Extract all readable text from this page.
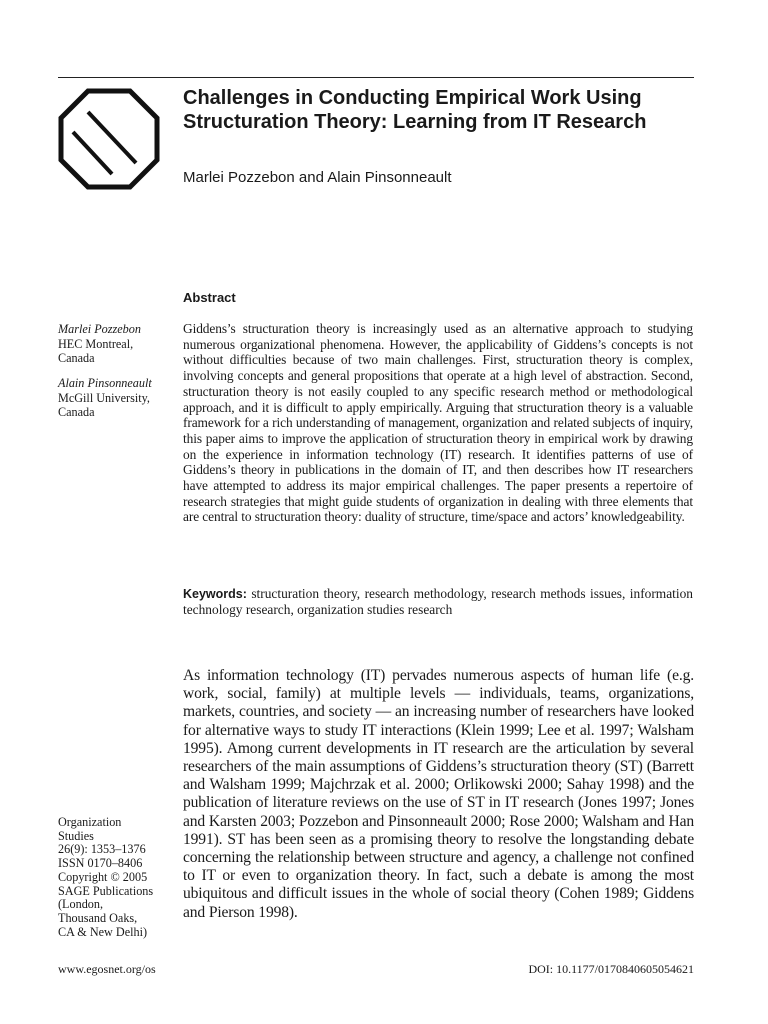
Challenges in Conducting Empirical Work Using Structuration Theory: Learning from IT Research
Marlei Pozzebon and Alain Pinsonneault
Marlei Pozzebon
HEC Montreal,
Canada
Alain Pinsonneault
McGill University,
Canada
Abstract

Giddens’s structuration theory is increasingly used as an alternative approach to studying numerous organizational phenomena. However, the applicability of Giddens’s concepts is not without difficulties because of two main challenges. First, structuration theory is complex, involving concepts and general propositions that operate at a high level of abstraction. Second, structuration theory is not easily coupled to any specific research method or methodological approach, and it is difficult to apply empirically. Arguing that structuration theory is a valuable framework for a rich understanding of management, organization and related subjects of inquiry, this paper aims to improve the application of structuration theory in empirical work by drawing on the experience in information technology (IT) research. It identifies patterns of use of Giddens’s theory in publications in the domain of IT, and then describes how IT researchers have attempted to address its major empirical challenges. The paper presents a repertoire of research strategies that might guide students of organization in dealing with three elements that are central to structuration theory: duality of structure, time/space and actors’ knowledgeability.

Keywords: structuration theory, research methodology, research methods issues, information technology research, organization studies research

As information technology (IT) pervades numerous aspects of human life (e.g. work, social, family) at multiple levels — individuals, teams, organizations, markets, countries, and society — an increasing number of researchers have looked for alternative ways to study IT interactions (Klein 1999; Lee et al. 1997; Walsham 1995). Among current developments in IT research are the articulation by several researchers of the main assumptions of Giddens’s structuration theory (ST) (Barrett and Walsham 1999; Majchrzak et al. 2000; Orlikowski 2000; Sahay 1998) and the publication of literature reviews on the use of ST in IT research (Jones 1997; Jones and Karsten 2003; Pozzebon and Pinsonneault 2000; Rose 2000; Walsham and Han 1991). ST has been seen as a promising theory to resolve the longstanding debate concerning the relationship between structure and agency, a challenge not confined to IT or even to organization theory. In fact, such a debate is among the most ubiquitous and difficult issues in the whole of social theory (Cohen 1989; Giddens and Pierson 1998).

Organization
Studies
26(9): 1353–1376
ISSN 0170–8406
Copyright © 2005
SAGE Publications
(London,
Thousand Oaks,
CA & New Delhi)
www.egosnet.org/os	DOI: 10.1177/0170840605054621
